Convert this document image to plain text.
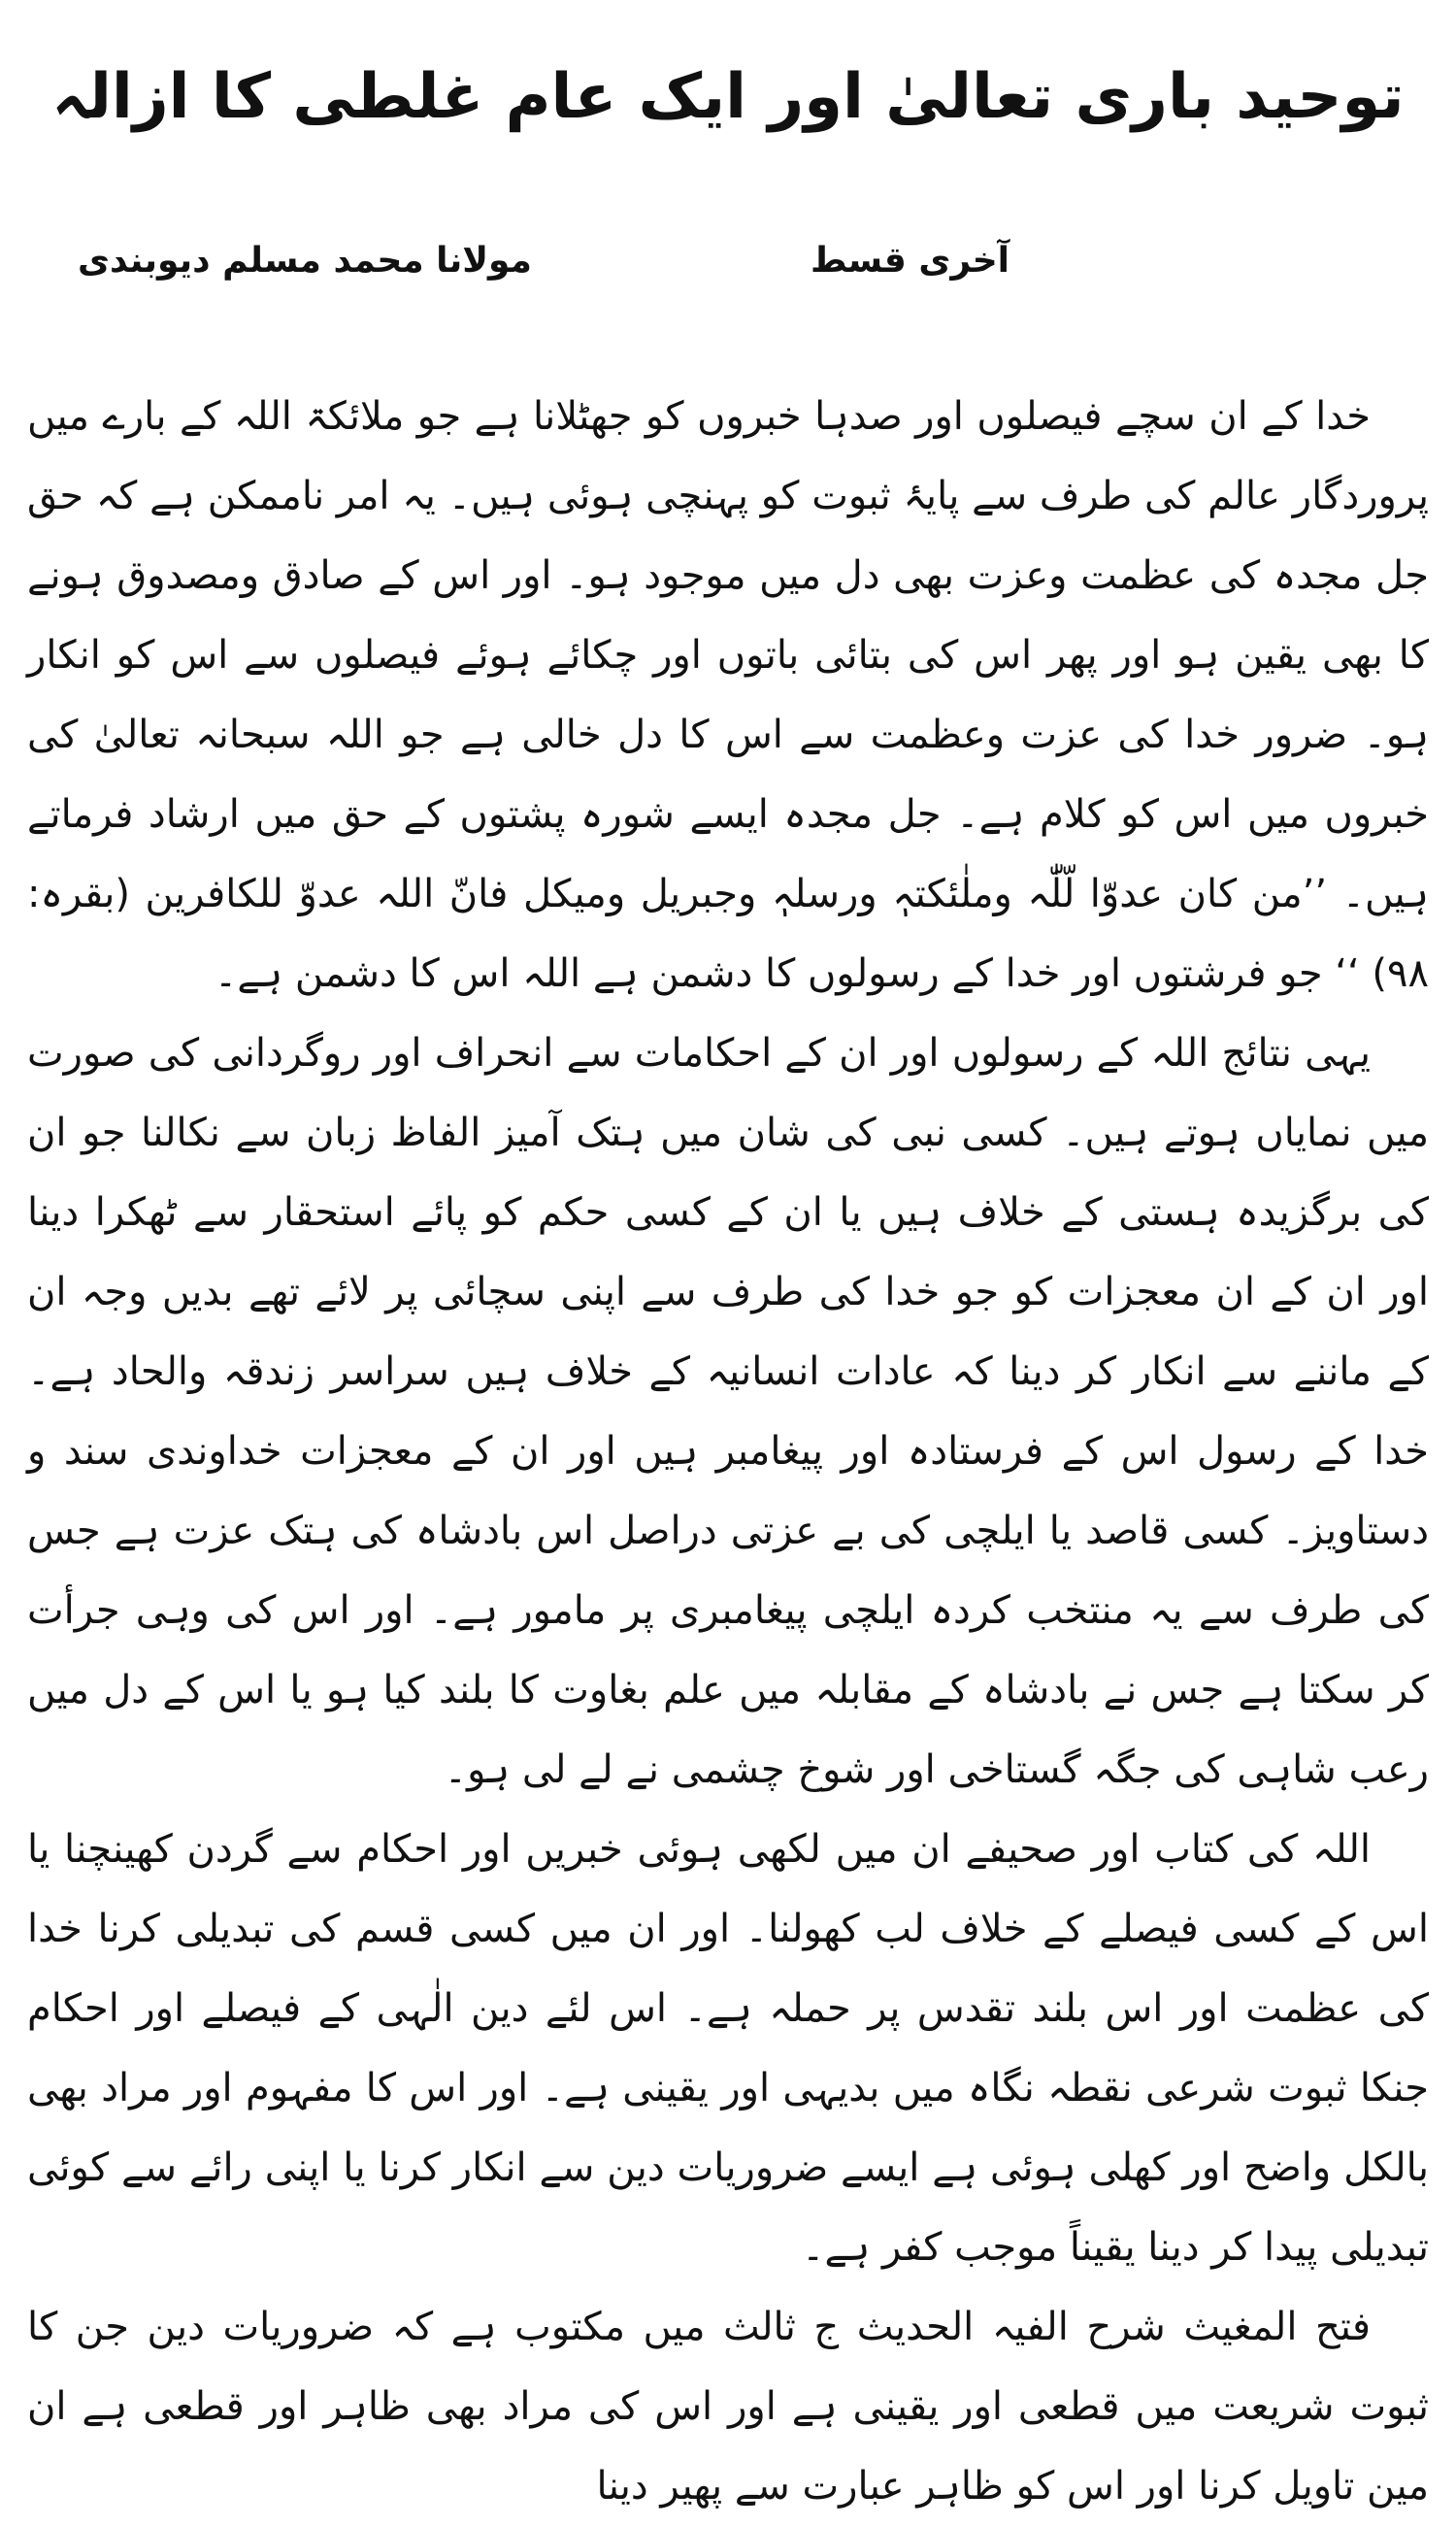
توحید باری تعالیٰ اور ایک عام غلطی کا ازالہ
آخری قسط
مولانا محمد مسلم دیوبندی

خدا کے ان سچے فیصلوں اور صدہا خبروں کو جھٹلانا ہے جو ملائکۃ اللہ کے بارے میں پروردگار عالم کی طرف سے پایۂ ثبوت کو پہنچی ہوئی ہیں۔ یہ امر ناممکن ہے کہ حق جل مجدہ کی عظمت وعزت بھی دل میں موجود ہو۔ اور اس کے صادق ومصدوق ہونے کا بھی یقین ہو اور پھر اس کی بتائی باتوں اور چکائے ہوئے فیصلوں سے اس کو انکار ہو۔ ضرور خدا کی عزت وعظمت سے اس کا دل خالی ہے جو اللہ سبحانہ تعالیٰ کی خبروں میں اس کو کلام ہے۔ جل مجدہ ایسے شورہ پشتوں کے حق میں ارشاد فرماتے ہیں۔ ’’من کان عدوّا لّلّٰہ وملٰئکتہٖ ورسلہٖ وجبریل ومیکل فانّ اللہ عدوّ للکافرین (بقرہ: ۹۸) ‘‘ جو فرشتوں اور خدا کے رسولوں کا دشمن ہے اللہ اس کا دشمن ہے۔

یہی نتائج اللہ کے رسولوں اور ان کے احکامات سے انحراف اور روگردانی کی صورت میں نمایاں ہوتے ہیں۔ کسی نبی کی شان میں ہتک آمیز الفاظ زبان سے نکالنا جو ان کی برگزیدہ ہستی کے خلاف ہیں یا ان کے کسی حکم کو پائے استحقار سے ٹھکرا دینا اور ان کے ان معجزات کو جو خدا کی طرف سے اپنی سچائی پر لائے تھے بدیں وجہ ان کے ماننے سے انکار کر دینا کہ عادات انسانیہ کے خلاف ہیں سراسر زندقہ والحاد ہے۔ خدا کے رسول اس کے فرستادہ اور پیغامبر ہیں اور ان کے معجزات خداوندی سند و دستاویز۔ کسی قاصد یا ایلچی کی بے عزتی دراصل اس بادشاہ کی ہتک عزت ہے جس کی طرف سے یہ منتخب کردہ ایلچی پیغامبری پر مامور ہے۔ اور اس کی وہی جرأت کر سکتا ہے جس نے بادشاہ کے مقابلہ میں علم بغاوت کا بلند کیا ہو یا اس کے دل میں رعب شاہی کی جگہ گستاخی اور شوخ چشمی نے لے لی ہو۔

اللہ کی کتاب اور صحیفے ان میں لکھی ہوئی خبریں اور احکام سے گردن کھینچنا یا اس کے کسی فیصلے کے خلاف لب کھولنا۔ اور ان میں کسی قسم کی تبدیلی کرنا خدا کی عظمت اور اس بلند تقدس پر حملہ ہے۔ اس لئے دین الٰہی کے فیصلے اور احکام جنکا ثبوت شرعی نقطہ نگاہ میں بدیہی اور یقینی ہے۔ اور اس کا مفہوم اور مراد بھی بالکل واضح اور کھلی ہوئی ہے ایسے ضروریات دین سے انکار کرنا یا اپنی رائے سے کوئی تبدیلی پیدا کر دینا یقیناً موجب کفر ہے۔

فتح المغیث شرح الفیہ الحدیث ج ثالث میں مکتوب ہے کہ ضروریات دین جن کا ثبوت شریعت میں قطعی اور یقینی ہے اور اس کی مراد بھی ظاہر اور قطعی ہے ان مین تاویل کرنا اور اس کو ظاہر عبارت سے پھیر دینا
